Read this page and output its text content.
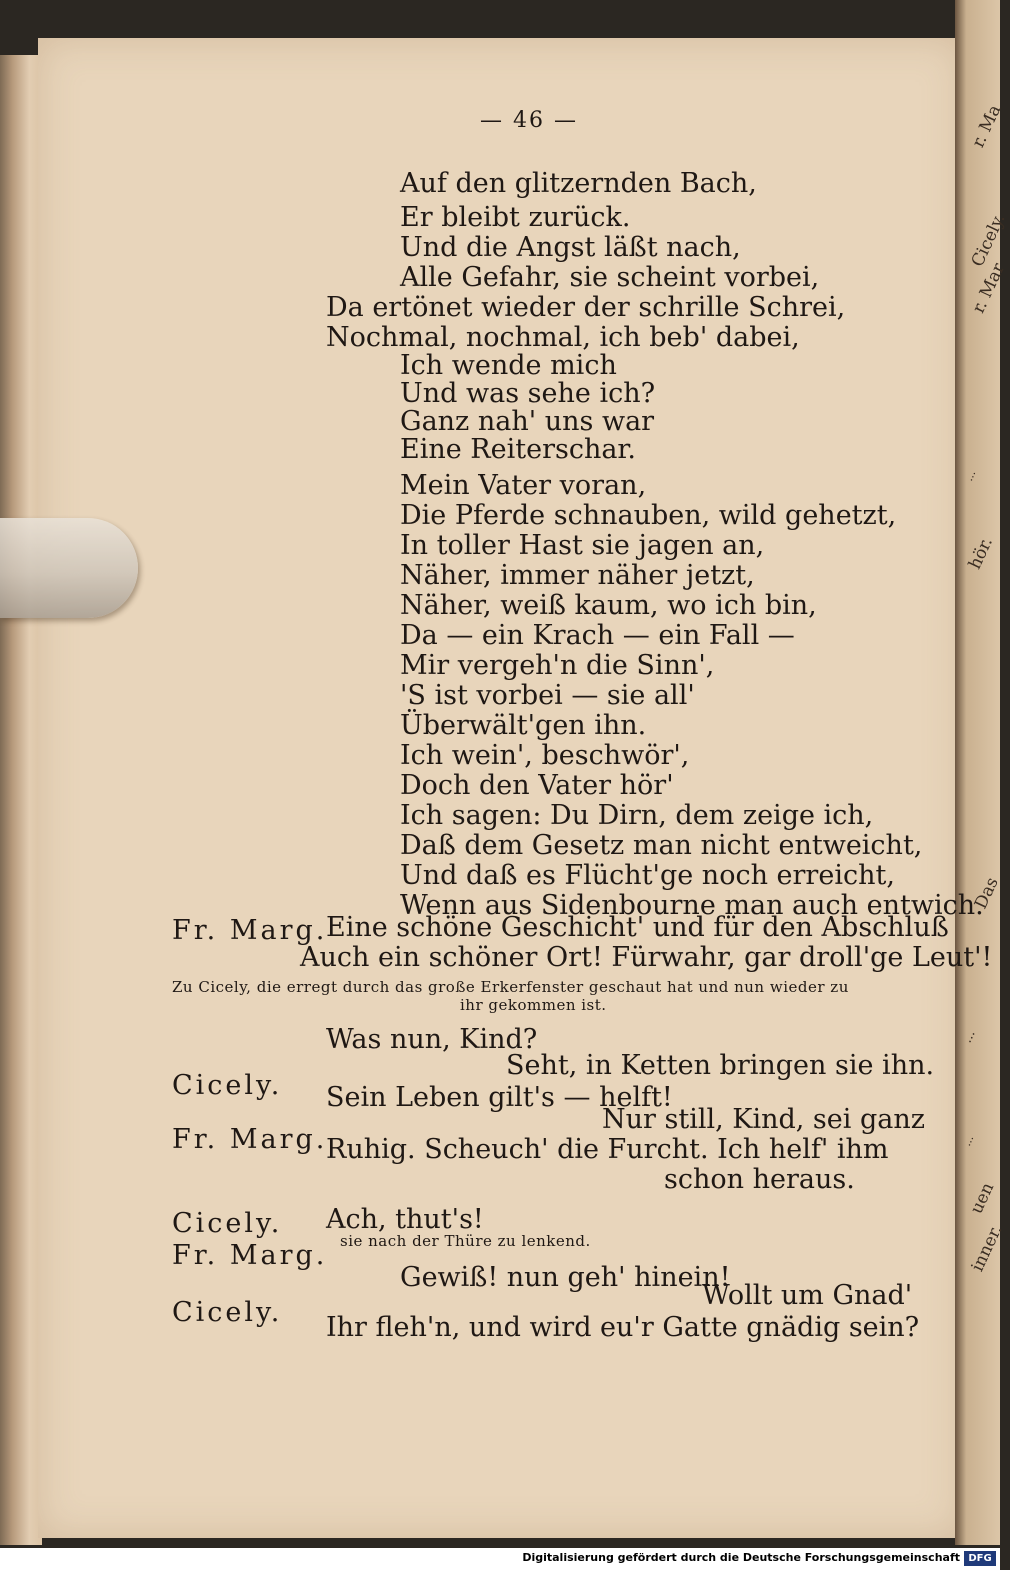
r. Ma
Cicely.
r. Mar
...
hör.
Das
...
...
uen
inner.
— 46 —
Auf den glitzernden Bach,
Er bleibt zurück.
Und die Angst läßt nach,
Alle Gefahr, sie scheint vorbei,
Da ertönet wieder der schrille Schrei,
Nochmal, nochmal, ich beb' dabei,
Ich wende mich
Und was sehe ich?
Ganz nah' uns war
Eine Reiterschar.
Mein Vater voran,
Die Pferde schnauben, wild gehetzt,
In toller Hast sie jagen an,
Näher, immer näher jetzt,
Näher, weiß kaum, wo ich bin,
Da — ein Krach — ein Fall —
Mir vergeh'n die Sinn',
'S ist vorbei — sie all'
Überwält'gen ihn.
Ich wein', beschwör',
Doch den Vater hör'
Ich sagen: Du Dirn, dem zeige ich,
Daß dem Gesetz man nicht entweicht,
Und daß es Flücht'ge noch erreicht,
Wenn aus Sidenbourne man auch entwich.
Fr. Marg.
Eine schöne Geschicht' und für den Abschluß
Auch ein schöner Ort! Fürwahr, gar droll'ge Leut'!
Zu Cicely, die erregt durch das große Erkerfenster geschaut hat und nun wieder zu
ihr gekommen ist.
Was nun, Kind?
Cicely.
Seht, in Ketten bringen sie ihn.
Sein Leben gilt's — helft!
Fr. Marg.
Nur still, Kind, sei ganz
Ruhig. Scheuch' die Furcht. Ich helf' ihm
schon heraus.
Cicely. Ach, thut's!
Fr. Marg. sie nach der Thüre zu lenkend.
Gewiß! nun geh' hinein!
Cicely.
Wollt um Gnad'
Ihr fleh'n, und wird eu'r Gatte gnädig sein?
Digitalisierung gefördert durch die Deutsche Forschungsgemeinschaft DFG
